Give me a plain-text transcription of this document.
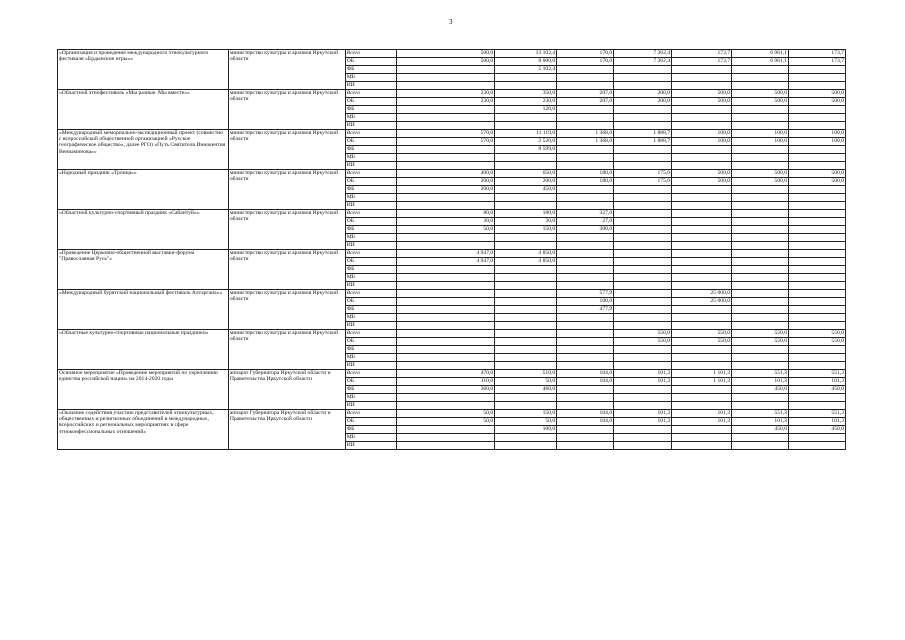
3
«Организация и проведение международного этнокультурного фестиваля «Ердынские игры»»	министерство культуры и архивов Иркутской области	Всего	500,0	13 102,4	170,0	7 362,4	173,7	6 961,1	173,7
		ОБ	500,0	8 000,0	170,0	7 362,4	173,7	6 961,1	173,7
		ФБ		5 102,4					
		МБ							
		ИИ							
«Областной этнофестиваль «Мы разные. Мы вместе»»	министерство культуры и архивов Иркутской области	Всего	230,0	350,0	207,0	200,0	500,0	500,0	500,0
		ОБ	230,0	230,0	207,0	200,0	500,0	500,0	500,0
		ФБ		120,0					
		МБ							
		ИИ							
«Международный мемориально-экспедиционный проект (совместно с всероссийской общественной организацией «Русское географическое общество», далее РГО) «Путь Святителя Иннокентия Вениаминова»»	министерство культуры и архивов Иркутской области	Всего	570,0	11 119,0	1 368,0	1 888,7	100,0	100,0	100,0
		ОБ	570,0	2 520,0	1 368,0	1 888,7	100,0	100,0	100,0
		ФБ		8 599,0					
		МБ							
		ИИ							
«Народный праздник «Троица»»	министерство культуры и архивов Иркутской области	Всего	400,0	650,0	180,0	175,0	500,0	500,0	500,0
		ОБ	200,0	200,0	180,0	175,0	500,0	500,0	500,0
		ФБ	200,0	450,0					
		МБ							
		ИИ							
«Областной культурно-спортивный праздник «Сабантуй»»	министерство культуры и архивов Иркутской области	Всего	80,0	180,0	327,0				
		ОБ	30,0	30,0	27,0				
		ФБ	50,0	150,0	300,0				
		МБ							
		ИИ							
«Проведение Церковно-общественной выставки-форума "Православная Русь"»	министерство культуры и архивов Иркутской области	Всего	4 947,0	4 850,0					
		ОБ	4 947,0	4 850,0					
		ФБ							
		МБ							
		ИИ							
«Международный бурятский национальный фестиваль Алтаргана»»	министерство культуры и архивов Иркутской области	Всего			577,9		25 000,0		
		ОБ			100,0		25 000,0		
		ФБ			477,9				
		МБ							
		ИИ							
«Областные культурно-спортивные национальные праздники»	министерство культуры и архивов Иркутской области	Всего				550,0	550,0	550,0	550,0
		ОБ				550,0	550,0	550,0	550,0
		ФБ							
		МБ							
		ИИ							
Основное мероприятие «Проведение мероприятий по укреплению единства российской нации» на 2014-2020 годы	аппарат Губернатора Иркутской области и Правительства Иркутской области	Всего	470,0	510,0	104,0	101,3	1 101,3	551,3	551,3
		ОБ	110,0	50,0	104,0	101,3	1 101,3	101,3	101,3
		ФБ	360,0	460,0				450,0	450,0
		МБ							
		ИИ							
«Оказание содействия участию представителей этнокультурных, общественных и религиозных объединений в международных, всероссийских и региональных мероприятиях в сфере этноконфессиональных отношений»	аппарат Губернатора Иркутской области и Правительства Иркутской области	Всего	50,0	150,0	104,0	101,3	101,3	551,3	551,3
		ОБ	50,0	50,0	104,0	101,3	101,3	101,3	101,3
		ФБ		100,0				450,0	450,0
		МБ							
		ИИ							
